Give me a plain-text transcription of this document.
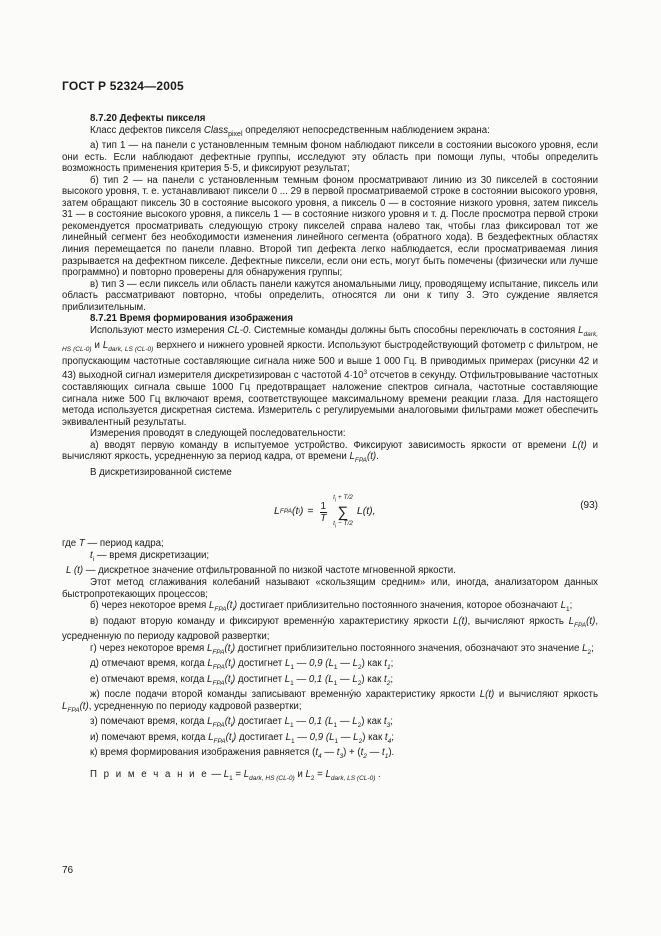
ГОСТ Р 52324—2005

8.7.20 Дефекты пикселя

Класс дефектов пикселя Class$_{pixel}$ определяют непосредственным наблюдением экрана:

а) тип 1 — на панели с установленным темным фоном наблюдают пиксели в состоянии высокого уровня, если они есть. Если наблюдают дефектные группы, исследуют эту область при помощи лупы, чтобы определить возможность применения критерия 5·5, и фиксируют результат;

б) тип 2 — на панели с установленным темным фоном просматривают линию из 30 пикселей в состоянии высокого уровня, т. е. устанавливают пиксели 0 ... 29 в первой просматриваемой строке в состоянии высокого уровня, затем обращают пиксель 30 в состояние высокого уровня, а пиксель 0 — в состояние низкого уровня, затем пиксель 31 — в состояние высокого уровня, а пиксель 1 — в состояние низкого уровня и т. д. После просмотра первой строки рекомендуется просматривать следующую строку пикселей справа налево так, чтобы глаз фиксировал тот же линейный сегмент без необходимости изменения линейного сегмента (обратного хода). В бездефектных областях линия перемещается по панели плавно. Второй тип дефекта легко наблюдается, если просматриваемая линия разрывается на дефектном пикселе. Дефектные пиксели, если они есть, могут быть помечены (физически или лучше программно) и повторно проверены для обнаружения группы;

в) тип 3 — если пиксель или область панели кажутся аномальными лицу, проводящему испытание, пиксель или область рассматривают повторно, чтобы определить, относятся ли они к типу 3. Это суждение является приблизительным.

8.7.21 Время формирования изображения

Используют место измерения CL-0. Системные команды должны быть способны переключать в состояния $L_{dark, HS (CL-0)}$ и $L_{dark, LS (CL-0)}$ верхнего и нижнего уровней яркости. Используют быстродействующий фотометр с фильтром, не пропускающим частотные составляющие сигнала ниже 500 и выше 1 000 Гц. В приводимых примерах (рисунки 42 и 43) выходной сигнал измерителя дискретизирован с частотой $4\cdot 10^3$ отсчетов в секунду. Отфильтровывание частотных составляющих сигнала свыше 1000 Гц предотвращает наложение спектров сигнала, частотные составляющие сигнала ниже 500 Гц включают время, соответствующее максимальному времени реакции глаза. Для настоящего метода используется дискретная система. Измеритель с регулируемыми аналоговыми фильтрами может обеспечить эквивалентный результаты.

Измерения проводят в следующей последовательности:

а) вводят первую команду в испытуемое устройство. Фиксируют зависимость яркости от времени L(t) и вычисляют яркость, усредненную за период кадра, от времени $L_{FPA}(t)$.

В дискретизированной системе

L FPA (t i ) = $\frac{1}{T}$
$t_i + T/2$
∑
$t_i - T/2$
L(t),	(93)

где T — период кадра;

$t_i$ — время дискретизации;

L (t) — дискретное значение отфильтрованной по низкой частоте мгновенной яркости.

Этот метод сглаживания колебаний называют «скользящим средним» или, иногда, анализатором данных быстропротекающих процессов;

б) через некоторое время $L_{FPA}(t_i)$ достигает приблизительно постоянного значения, которое обозначают $L_1$;

в) подают вторую команду и фиксируют временнýю характеристику яркости L(t), вычисляют яркость $L_{FPA}(t)$, усредненную по периоду кадровой развертки;

г) через некоторое время $L_{FPA}(t_i)$ достигнет приблизительно постоянного значения, обозначают это значение $L_2$;

д) отмечают время, когда $L_{FPA}(t_i)$ достигнет $L_1$ — 0,9 ($L_1$ — $L_2$) как $t_1$;

е) отмечают время, когда $L_{FPA}(t_i)$ достигнет $L_1$ — 0,1 ($L_1$ — $L_2$) как $t_2$;

ж) после подачи второй команды записывают временнýю характеристику яркости L(t) и вычисляют яркость $L_{FPA}(t)$, усредненную по периоду кадровой развертки;

з) помечают время, когда $L_{FPA}(t_i)$ достигает $L_1$ — 0,1 ($L_1$ — $L_2$) как $t_3$;

и) помечают время, когда $L_{FPA}(t_i)$ достигает $L_1$ — 0,9 ($L_1$ — $L_2$) как $t_4$;

к) время формирования изображения равняется ($t_4$ — $t_3) + (t_2$ — $t_1$).

П р и м е ч а н и е — $L_1 = L_{dark, HS (CL-0)}$ и $L_2 = L_{dark, LS (CL-0)}$ .

76
